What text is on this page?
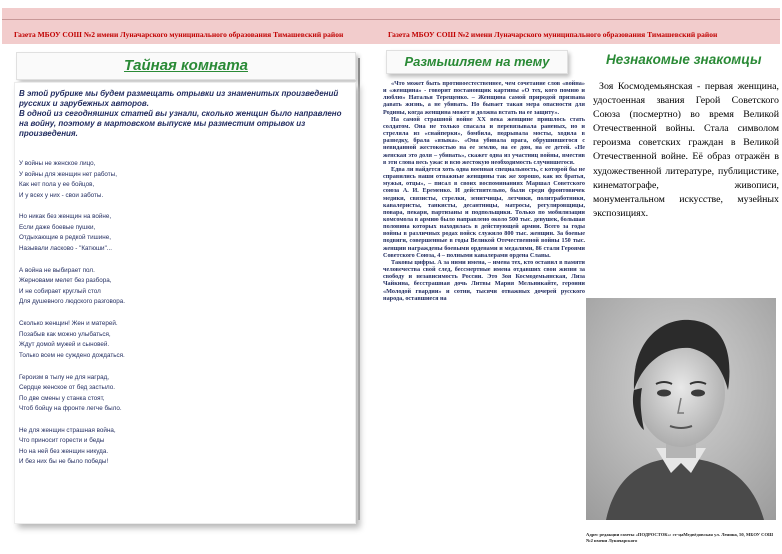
Газета МБОУ СОШ №2 имени Луначарского муниципального образования Тимашевский район	Газета МБОУ СОШ №2 имени Луначарского муниципального образования Тимашевский район
Тайная комната	Размышляем на тему	Незнакомые знакомцы

В этой рубрике мы будем размещать отрывки из знаменитых произведений русских и зарубежных авторов.

В одной из сегодняшних статей вы узнали, сколько женщин было направлено на войну, поэтому в мартовском выпуске мы разместим отрывок из произведения.

У войны не женское лицо,
У войны для женщин нет работы,
Как нет пола у ее бойцов,
И у всех у них - свои заботы.
Но никак без женщин на войне,
Если даже боевые пушки,
Отдыхающие в редкой тишине,
Называли ласково - "Катюши"...
А война не выбирает пол.
Жерновами мелет без разбора,
И не собирает круглый стол
Для душевного людского разговора.
Сколько женщин! Жен и матерей.
Позабыв как можно улыбаться,
Ждут домой мужей и сыновей.
Только всем не суждено дождаться.
Героизм в тылу не для наград,
Сердце женское от бед застыло.
По две смены у станка стоят,
Чтоб бойцу на фронте легче было.
Не для женщин страшная война,
Что приносит горести и беды
Но на ней без женщин никуда.
И без них бы не было победы!

«Что может быть противоестественнее, чем сочетание слов «война» и «женщина» - говорит постановщик картины «О тех, кого помню и люблю» Наталья Терещенко. – Женщина самой природой призвана давать жизнь, а не убивать. Но бывает такая мера опасности для Родины, когда женщина может и должна встать на ее защиту».

На самой страшной войне XX века женщине пришлось стать солдатом. Она не только спасала и перевязывала раненых, но и стреляла из «снайперки», бомбила, подрывала мосты, ходила в разведку, брала «языка». «Она убивала врага, обрушившегося с невиданной жестокостью на ее землю, на ее дом, на ее детей. «Не женская это доля – убивать», скажет одна из участниц войны, вместив в эти слова весь ужас и всю жестокую необходимость случившегося.

Едва ли найдется хоть одна военная специальность, с которой бы не справились наши отважные женщины так же хорошо, как их братья, мужья, отцы», – писал в своих воспоминаниях Маршал Советского союза А. И. Еременко. И действительно, были среди фронтовичек медики, связисты, стрелки, зенитчицы, летчики, политработники, кавалеристы, танкисты, десантницы, матросы, регулировщицы, повара, пекари, партизаны и подпольщики. Только по мобилизации комсомола в армию было направлено около 500 тыс. девушек, большая половина которых находилась в действующей армии. Всего за годы войны в различных родах войск служило 800 тыс. женщин. За боевые подвиги, совершенные в годы Великой Отечественной войны 150 тыс. женщин награждены боевыми орденами и медалями, 86 стали Героями Советского Союза, 4 – полными кавалерами ордена Славы.

Таковы цифры. А за ними имена, – имена тех, кто оставил в памяти человечества свой след, бессмертные имена отдавших свои жизни за свободу и независимость России. Это Зоя Космодемьянская, Лиза Чайкина, бесстрашная дочь Литвы Мария Мельникайте, героини «Молодой гвардии» и сотни, тысячи отважных дочерей русского народа, оставшиеся на

Зоя Космодемьянская - первая женщина, удостоенная звания Герой Советского Союза (посмертно) во время Великой Отечественной войны. Стала символом героизма советских граждан в Великой Отечественной войне. Её образ отражён в художественной литературе, публицистике, кинематографе, живописи, монументальном искусстве, музейных экспозициях.

Адрес редакции газеты «ПОДРОСТОК»: ст-цаМедвёдовская ул. Ленина, 50, МБОУ СОШ №2 имени Луначарского
